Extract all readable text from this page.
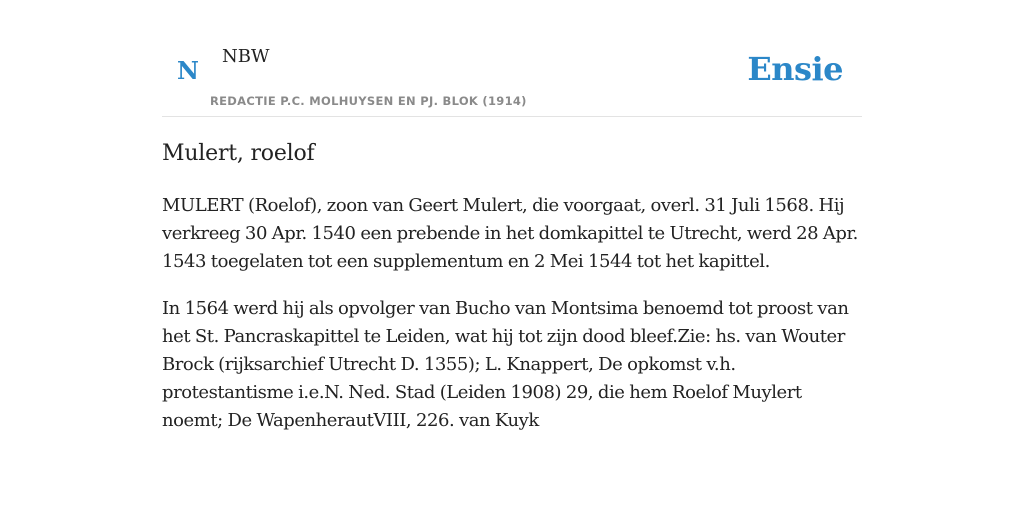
N NBW
REDACTIE P.C. MOLHUYSEN EN PJ. BLOK (1914)
Ensie
Mulert, roelof

MULERT (Roelof), zoon van Geert Mulert, die voorgaat, overl. 31 Juli 1568. Hij verkreeg 30 Apr. 1540 een prebende in het domkapittel te Utrecht, werd 28 Apr. 1543 toegelaten tot een supplementum en 2 Mei 1544 tot het kapittel.

In 1564 werd hij als opvolger van Bucho van Montsima benoemd tot proost van het St. Pancraskapittel te Leiden, wat hij tot zijn dood bleef.Zie: hs. van Wouter Brock (rijksarchief Utrecht D. 1355); L. Knappert, De opkomst v.h. protestantisme i.e.N. Ned. Stad (Leiden 1908) 29, die hem Roelof Muylert noemt; De WapenherautVIII, 226. van Kuyk
